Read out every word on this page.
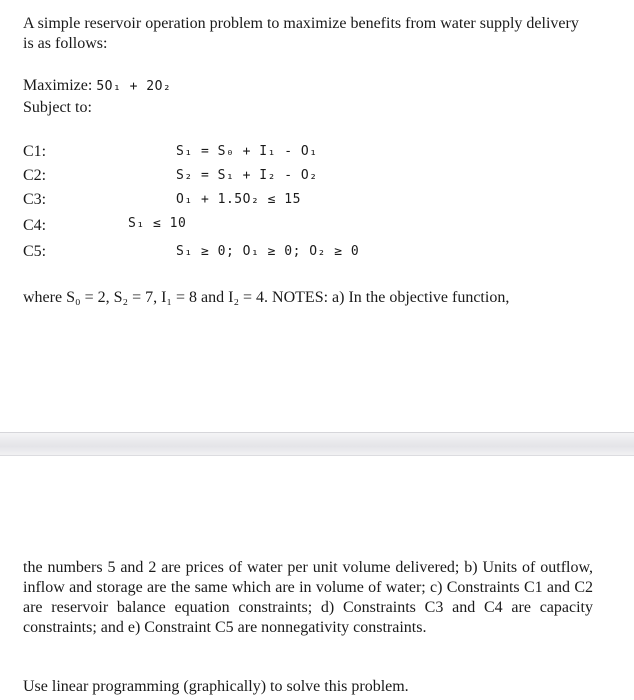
A simple reservoir operation problem to maximize benefits from water supply delivery is as follows:
Maximize: 5O₁ + 2O₂
Subject to:
C1:	S₁ = S₀ + I₁ - O₁
C2:	S₂ = S₁ + I₂ - O₂
C3:	O₁ + 1.5O₂ ≤ 15
C4:	S₁ ≤ 10
C5:	S₁ ≥ 0; O₁ ≥ 0; O₂ ≥ 0
where S₀ = 2, S₂ = 7, I₁ = 8 and I₂ = 4. NOTES: a) In the objective function,
the numbers 5 and 2 are prices of water per unit volume delivered; b) Units of outflow, inflow and storage are the same which are in volume of water; c) Constraints C1 and C2 are reservoir balance equation constraints; d) Constraints C3 and C4 are capacity constraints; and e) Constraint C5 are nonnegativity constraints.
Use linear programming (graphically) to solve this problem.
